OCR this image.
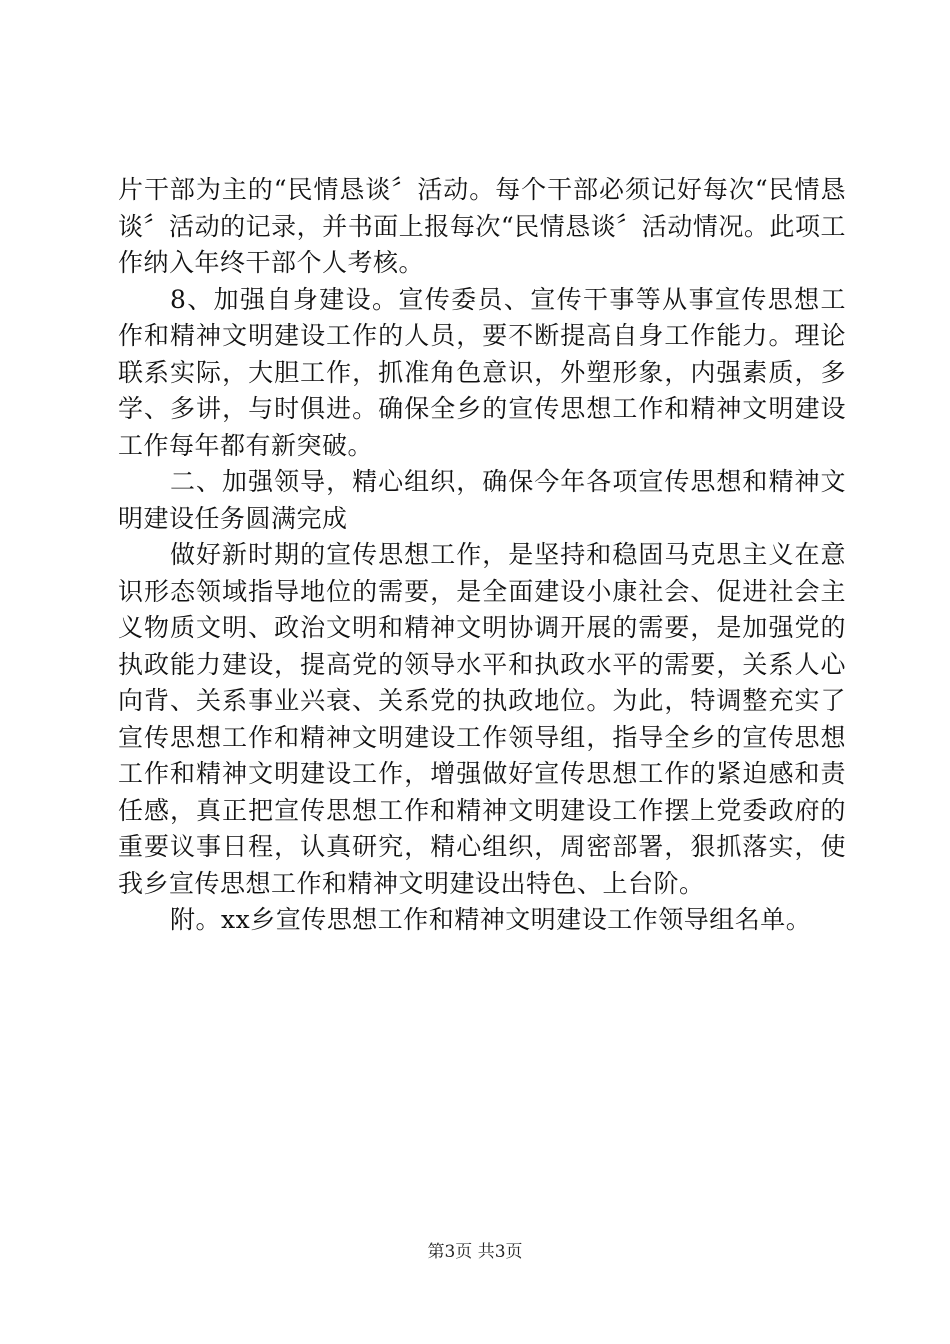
片干部为主的“民情恳谈〞活动。每个干部必须记好每次“民情恳谈〞活动的记录，并书面上报每次“民情恳谈〞活动情况。此项工作纳入年终干部个人考核。

8、加强自身建设。宣传委员、宣传干事等从事宣传思想工作和精神文明建设工作的人员，要不断提高自身工作能力。理论联系实际，大胆工作，抓准角色意识，外塑形象，内强素质，多学、多讲，与时俱进。确保全乡的宣传思想工作和精神文明建设工作每年都有新突破。

二、加强领导，精心组织，确保今年各项宣传思想和精神文明建设任务圆满完成

做好新时期的宣传思想工作，是坚持和稳固马克思主义在意识形态领域指导地位的需要，是全面建设小康社会、促进社会主义物质文明、政治文明和精神文明协调开展的需要，是加强党的执政能力建设，提高党的领导水平和执政水平的需要，关系人心向背、关系事业兴衰、关系党的执政地位。为此，特调整充实了宣传思想工作和精神文明建设工作领导组，指导全乡的宣传思想工作和精神文明建设工作，增强做好宣传思想工作的紧迫感和责任感，真正把宣传思想工作和精神文明建设工作摆上党委政府的重要议事日程，认真研究，精心组织，周密部署，狠抓落实，使我乡宣传思想工作和精神文明建设出特色、上台阶。

附。xx乡宣传思想工作和精神文明建设工作领导组名单。

第3页 共3页
